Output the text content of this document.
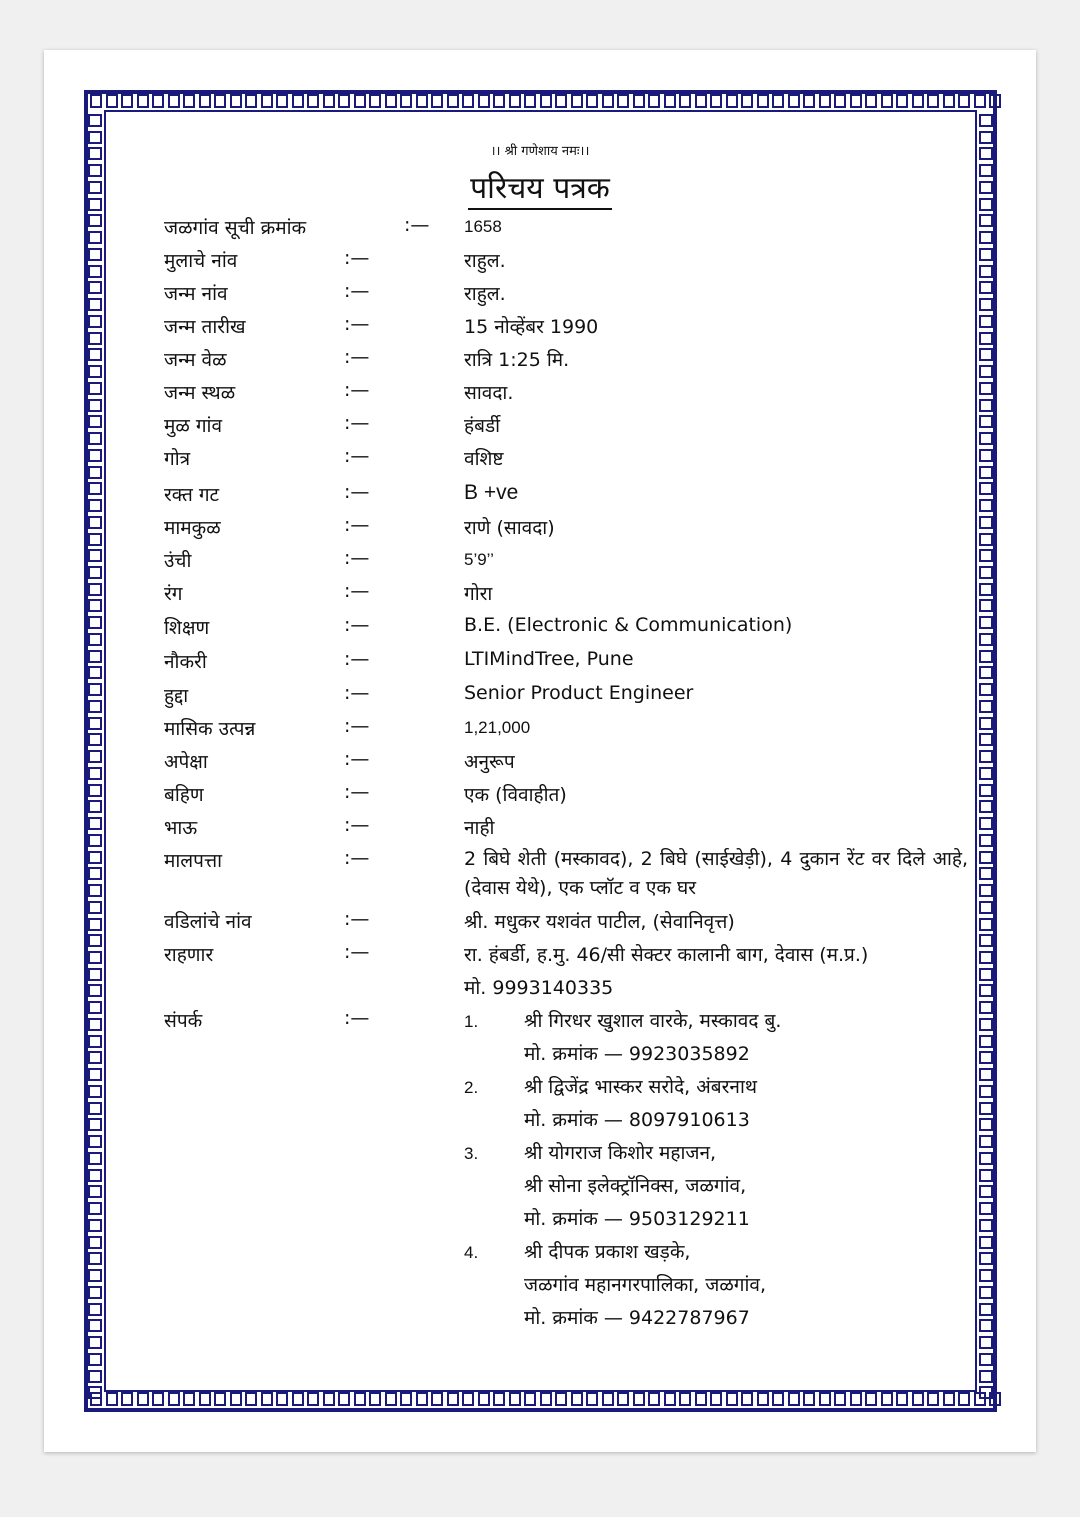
।। श्री गणेशाय नमः।।
परिचय पत्रक
जळगांव सूची क्रमांक	:— 1658
मुलाचे नांव	:—	राहुल.
जन्म नांव	:—	राहुल.
जन्म तारीख	:—	15 नोव्हेंबर 1990
जन्म वेळ	:—	रात्रि 1:25 मि.
जन्म स्थळ	:—	सावदा.
मुळ गांव	:—	हंबर्डी
गोत्र	:—	वशिष्ट
रक्त गट	:—	B +ve
मामकुळ	:—	राणे (सावदा)
उंची	:—	5’9’’
रंग	:—	गोरा
शिक्षण	:—	B.E. (Electronic & Communication)
नौकरी	:—	LTIMindTree, Pune
हुद्दा	:—	Senior Product Engineer
मासिक उत्पन्न	:—	1,21,000
अपेक्षा	:—	अनुरूप
बहिण	:—	एक (विवाहीत)
भाऊ	:—	नाही
मालपत्ता	:—	2 बिघे शेती (मस्कावद), 2 बिघे (साईखेड़ी), 4 दुकान रेंट वर दिले आहे, (देवास येथे), एक प्लॉट व एक घर
वडिलांचे नांव	:—	श्री. मधुकर यशवंत पाटील, (सेवानिवृत्त)
राहणार	:—	रा. हंबर्डी, ह.मु. 46/सी सेक्टर कालानी बाग, देवास (म.प्र.)
मो. 9993140335
संपर्क	:—	1. श्री गिरधर खुशाल वारके, मस्कावद बु.
मो. क्रमांक — 9923035892
2. श्री द्विजेंद्र भास्कर सरोदे, अंबरनाथ
मो. क्रमांक — 8097910613
3. श्री योगराज किशोर महाजन,
श्री सोना इलेक्ट्रॉनिक्स, जळगांव,
मो. क्रमांक — 9503129211
4. श्री दीपक प्रकाश खड़के,
जळगांव महानगरपालिका, जळगांव,
मो. क्रमांक — 9422787967
